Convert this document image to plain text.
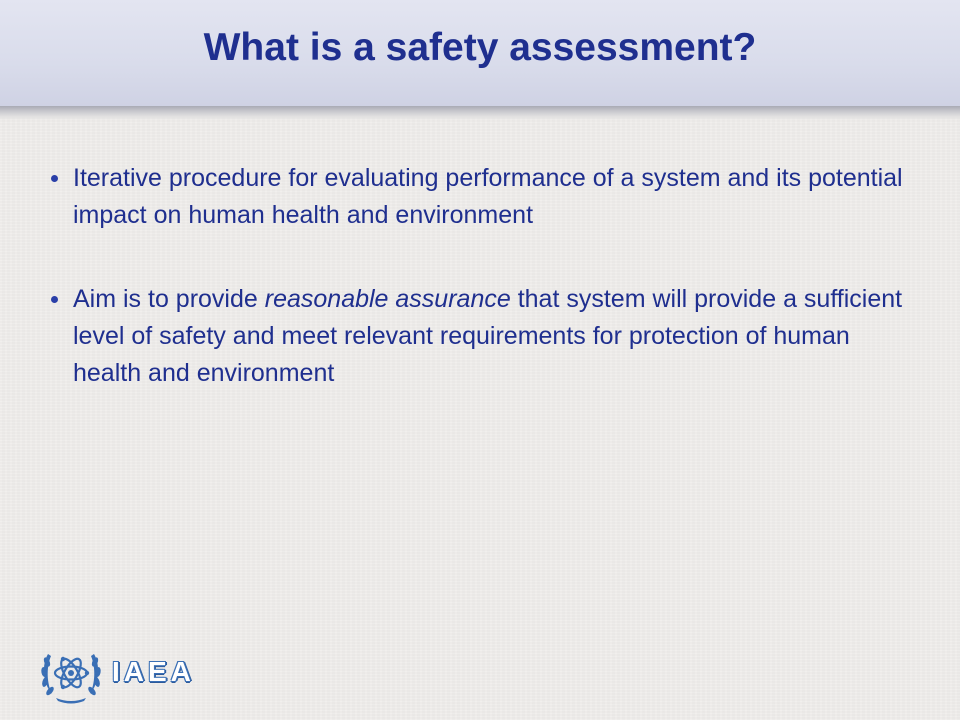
What is a safety assessment?
Iterative procedure for evaluating performance of a system and its potential impact on human health and environment
Aim is to provide reasonable assurance that system will provide a sufficient level of safety and meet relevant requirements for protection of human health and environment
IAEA
